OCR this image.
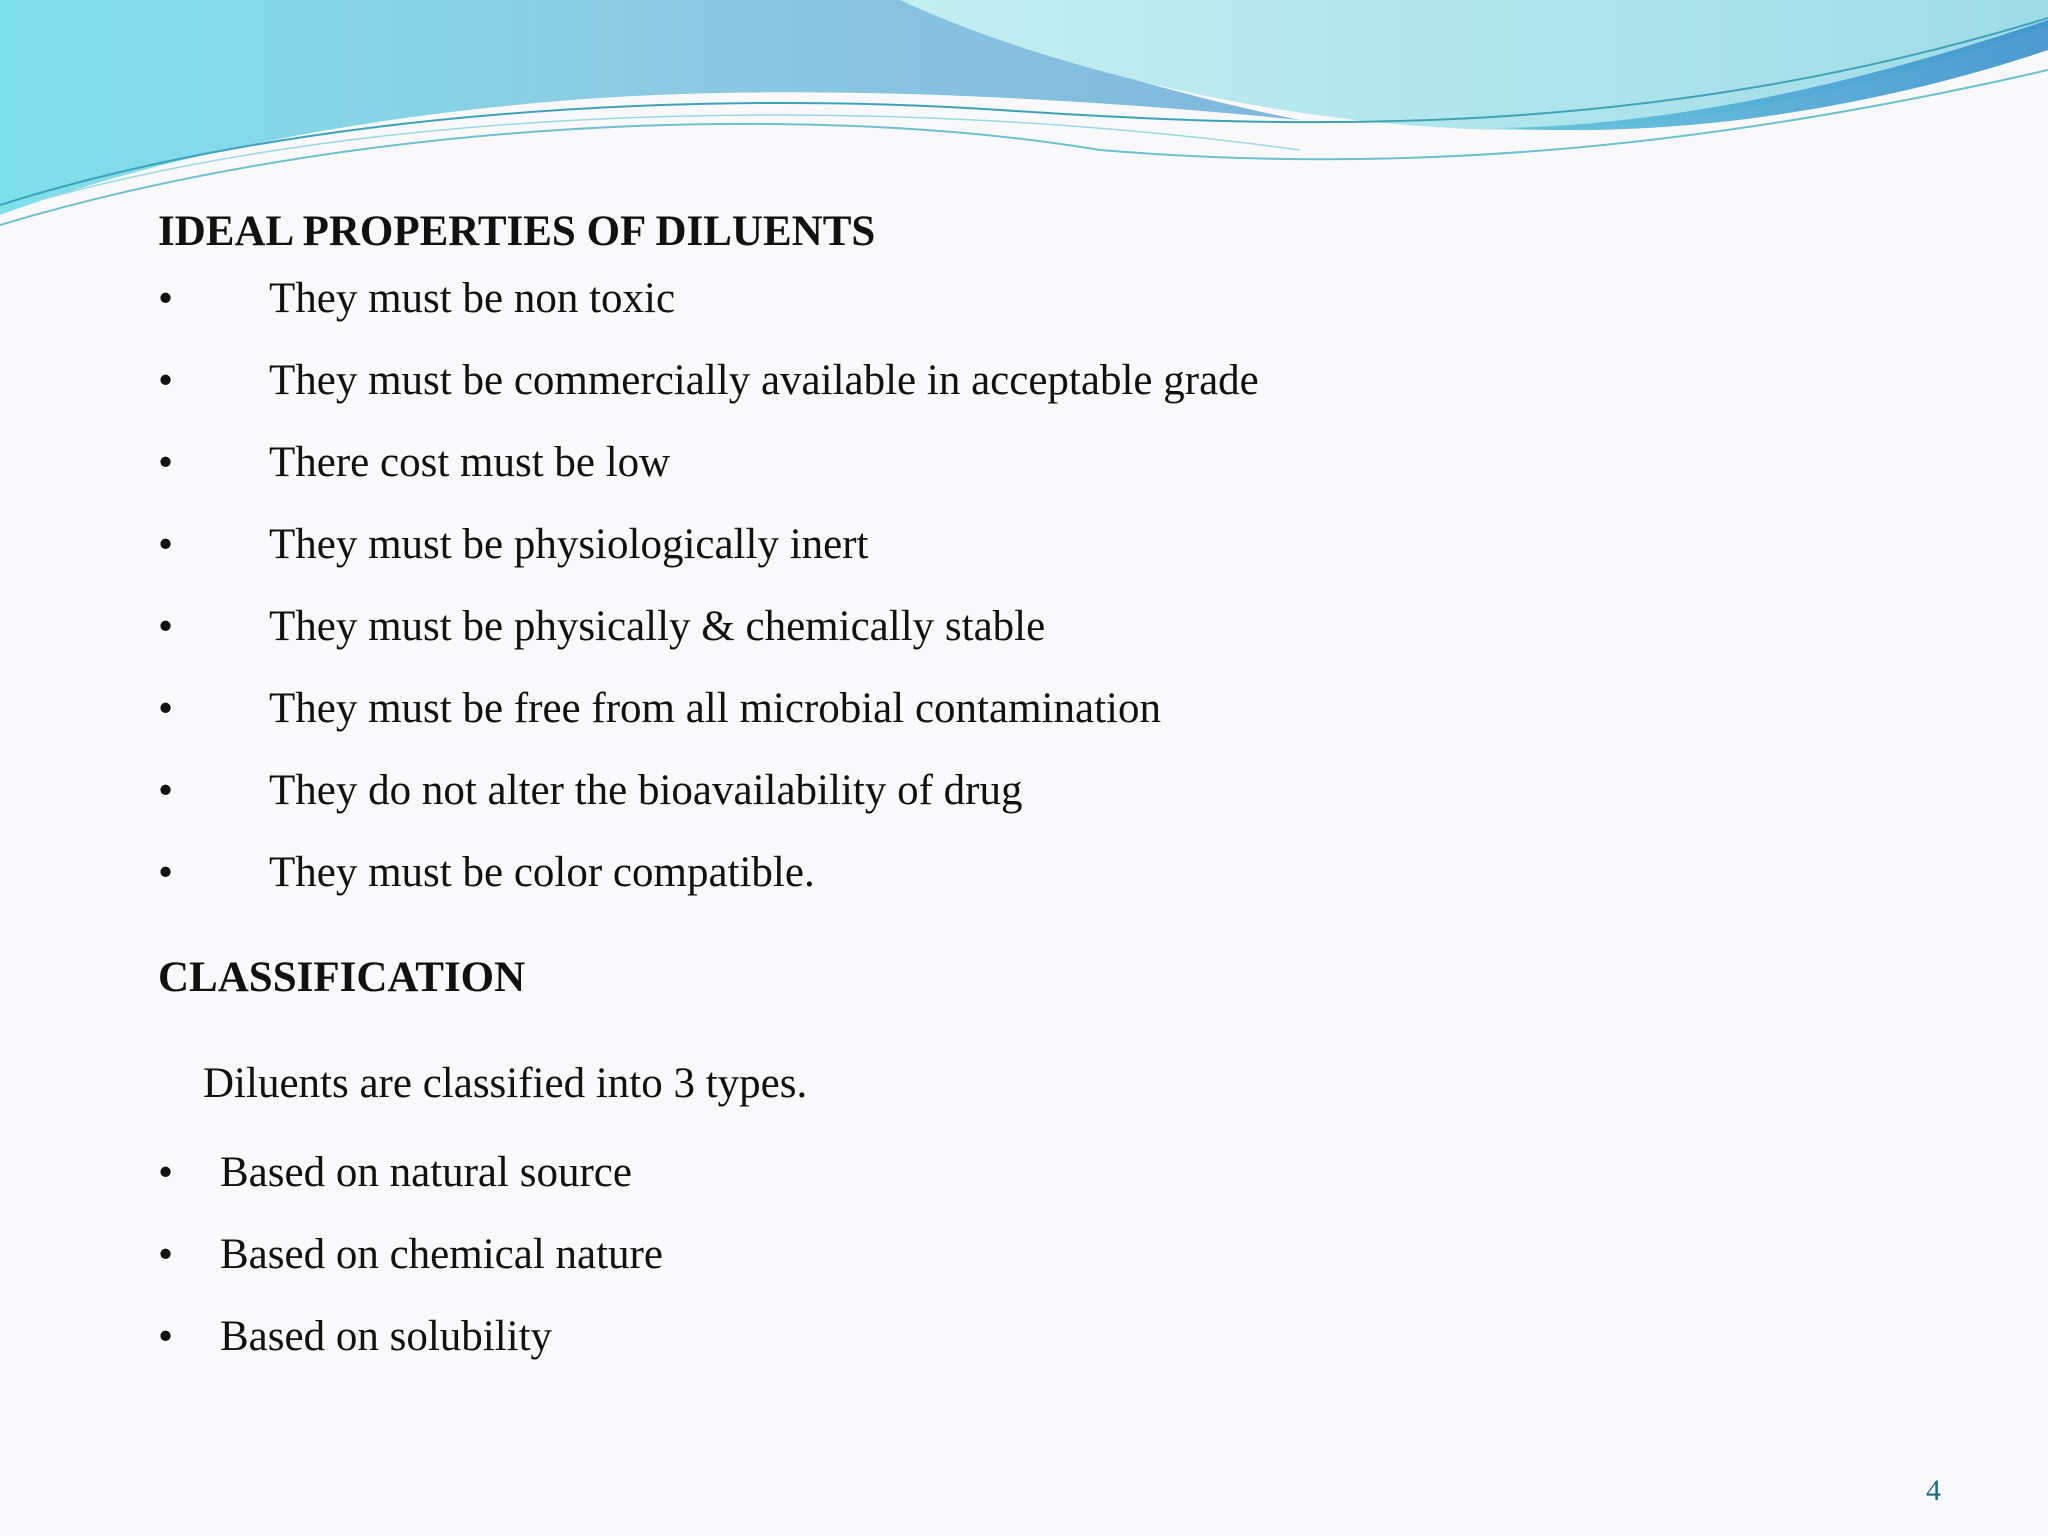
IDEAL PROPERTIES OF DILUENTS
• They must be non toxic
• They must be commercially available in acceptable grade
• There cost must be low
• They must be physiologically inert
• They must be physically & chemically stable
• They must be free from all microbial contamination
• They do not alter the bioavailability of drug
• They must be color compatible.
CLASSIFICATION
Diluents are classified into 3 types.
• Based on natural source
• Based on chemical nature
• Based on solubility
4
